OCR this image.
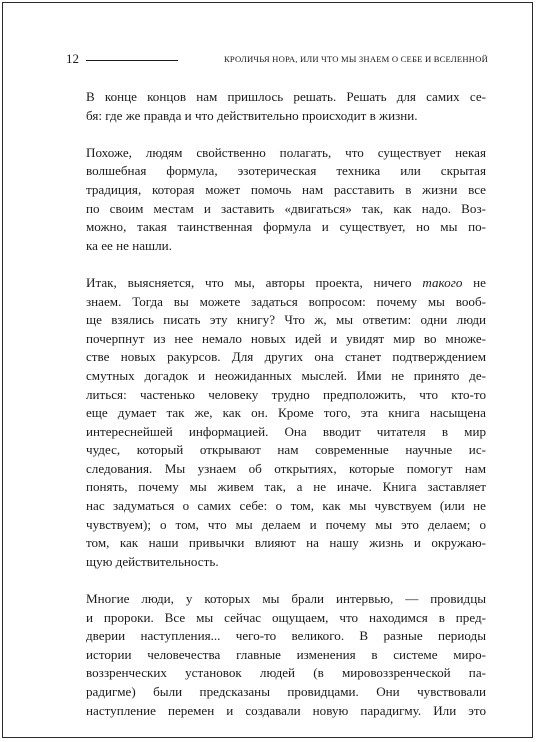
12	КРОЛИЧЬЯ НОРА, ИЛИ ЧТО МЫ ЗНАЕМ О СЕБЕ И ВСЕЛЕННОЙ
В конце концов нам пришлось решать. Решать для самих се-
бя: где же правда и что действительно происходит в жизни.
Похоже, людям свойственно полагать, что существует некая
волшебная формула, эзотерическая техника или скрытая
традиция, которая может помочь нам расставить в жизни все
по своим местам и заставить «двигаться» так, как надо. Воз-
можно, такая таинственная формула и существует, но мы по-
ка ее не нашли.
Итак, выясняется, что мы, авторы проекта, ничего такого не
знаем. Тогда вы можете задаться вопросом: почему мы вооб-
ще взялись писать эту книгу? Что ж, мы ответим: одни люди
почерпнут из нее немало новых идей и увидят мир во множе-
стве новых ракурсов. Для других она станет подтверждением
смутных догадок и неожиданных мыслей. Ими не принято де-
литься: частенько человеку трудно предположить, что кто-то
еще думает так же, как он. Кроме того, эта книга насыщена
интереснейшей информацией. Она вводит читателя в мир
чудес, который открывают нам современные научные ис-
следования. Мы узнаем об открытиях, которые помогут нам
понять, почему мы живем так, а не иначе. Книга заставляет
нас задуматься о самих себе: о том, как мы чувствуем (или не
чувствуем); о том, что мы делаем и почему мы это делаем; о
том, как наши привычки влияют на нашу жизнь и окружаю-
щую действительность.
Многие люди, у которых мы брали интервью, — провидцы
и пророки. Все мы сейчас ощущаем, что находимся в пред-
дверии наступления... чего-то великого. В разные периоды
истории человечества главные изменения в системе миро-
воззренческих установок людей (в мировоззренческой па-
радигме) были предсказаны провидцами. Они чувствовали
наступление перемен и создавали новую парадигму. Или это
